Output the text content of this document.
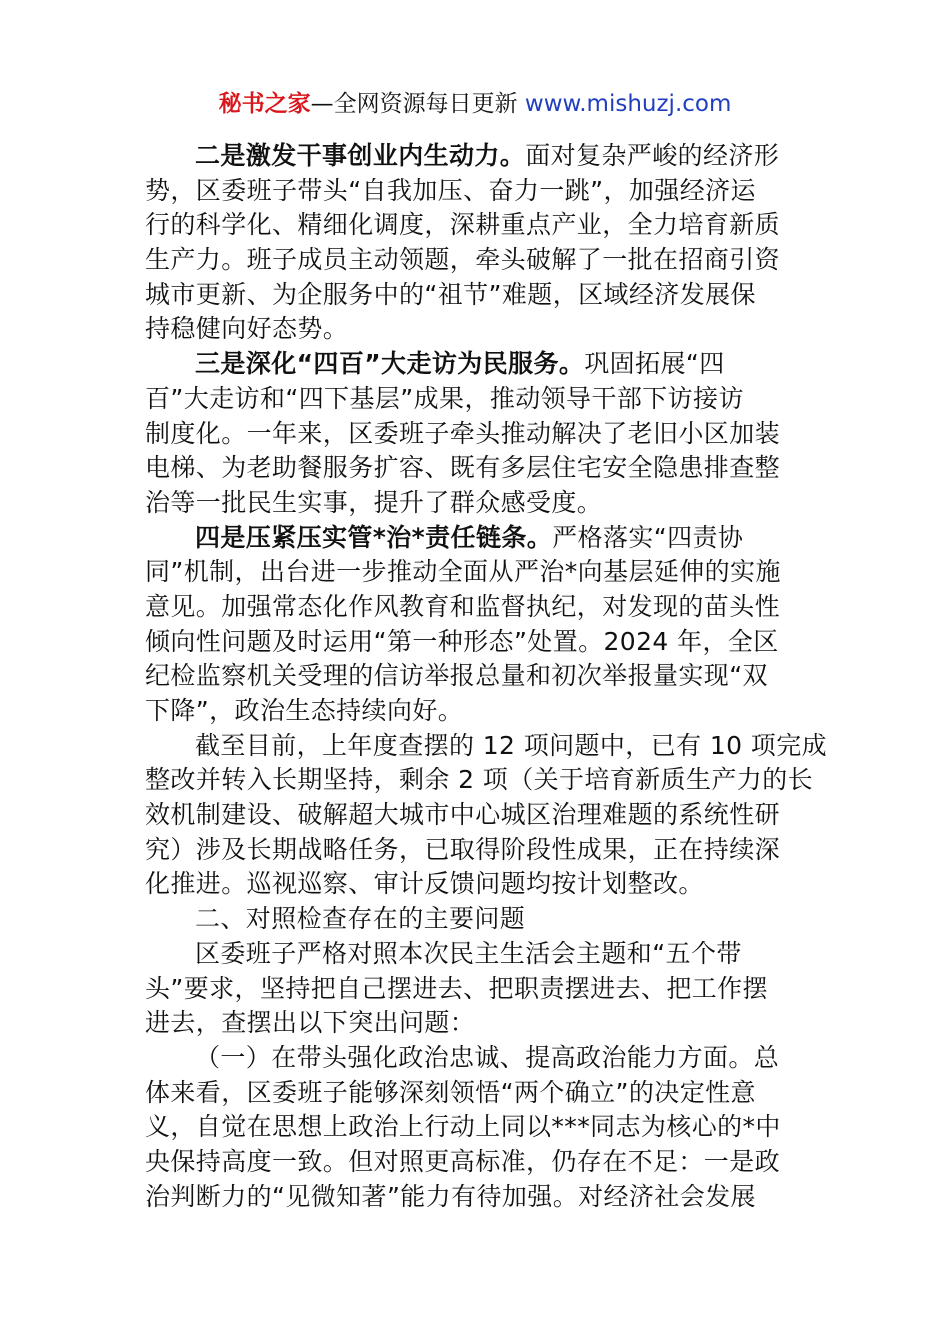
秘书之家—全网资源每日更新 www.mishuzj.com
二是激发干事创业内生动力。面对复杂严峻的经济形
势，区委班子带头“自我加压、奋力一跳”，加强经济运
行的科学化、精细化调度，深耕重点产业，全力培育新质
生产力。班子成员主动领题，牵头破解了一批在招商引资
城市更新、为企服务中的“祖节”难题，区域经济发展保
持稳健向好态势。
三是深化“四百”大走访为民服务。巩固拓展“四
百”大走访和“四下基层”成果，推动领导干部下访接访
制度化。一年来，区委班子牵头推动解决了老旧小区加装
电梯、为老助餐服务扩容、既有多层住宅安全隐患排查整
治等一批民生实事，提升了群众感受度。
四是压紧压实管*治*责任链条。严格落实“四责协
同”机制，出台进一步推动全面从严治*向基层延伸的实施
意见。加强常态化作风教育和监督执纪，对发现的苗头性
倾向性问题及时运用“第一种形态”处置。2024 年，全区
纪检监察机关受理的信访举报总量和初次举报量实现“双
下降”，政治生态持续向好。
截至目前，上年度查摆的 12 项问题中，已有 10 项完成
整改并转入长期坚持，剩余 2 项（关于培育新质生产力的长
效机制建设、破解超大城市中心城区治理难题的系统性研
究）涉及长期战略任务，已取得阶段性成果，正在持续深
化推进。巡视巡察、审计反馈问题均按计划整改。
二、对照检查存在的主要问题
区委班子严格对照本次民主生活会主题和“五个带
头”要求，坚持把自己摆进去、把职责摆进去、把工作摆
进去，查摆出以下突出问题：
（一）在带头强化政治忠诚、提高政治能力方面。总
体来看，区委班子能够深刻领悟“两个确立”的决定性意
义，自觉在思想上政治上行动上同以***同志为核心的*中
央保持高度一致。但对照更高标准，仍存在不足：一是政
治判断力的“见微知著”能力有待加强。对经济社会发展
